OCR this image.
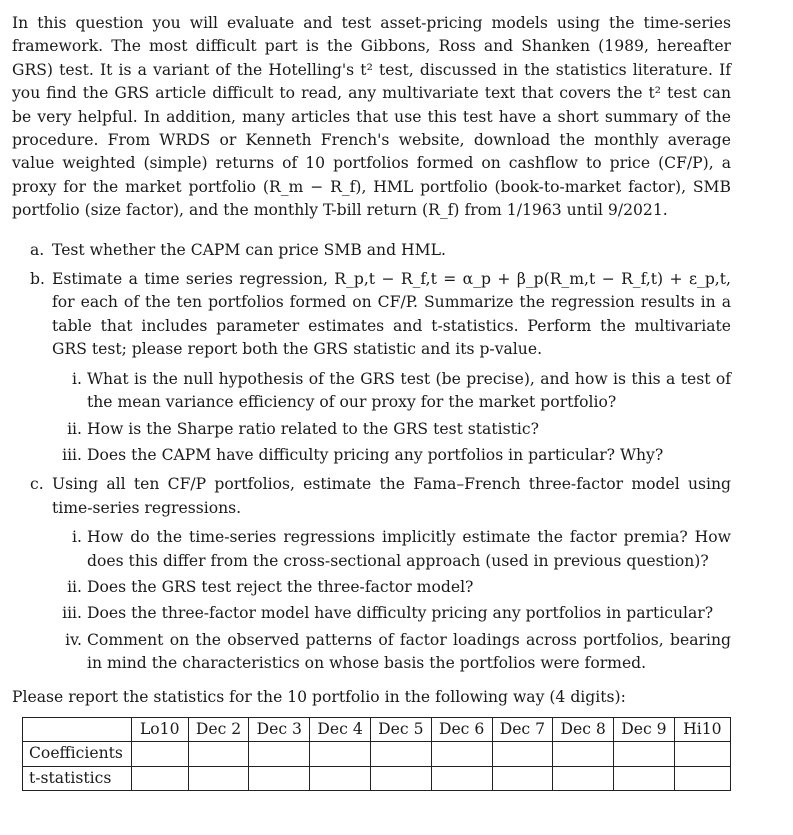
In this question you will evaluate and test asset-pricing models using the time-series framework. The most difficult part is the Gibbons, Ross and Shanken (1989, hereafter GRS) test. It is a variant of the Hotelling's t² test, discussed in the statistics literature. If you find the GRS article difficult to read, any multivariate text that covers the t² test can be very helpful. In addition, many articles that use this test have a short summary of the procedure. From WRDS or Kenneth French's website, download the monthly average value weighted (simple) returns of 10 portfolios formed on cashflow to price (CF/P), a proxy for the market portfolio (R_m − R_f), HML portfolio (book-to-market factor), SMB portfolio (size factor), and the monthly T-bill return (R_f) from 1/1963 until 9/2021.

a. Test whether the CAPM can price SMB and HML.
b. Estimate a time series regression, R_p,t − R_f,t = α_p + β_p(R_m,t − R_f,t) + ε_p,t, for each of the ten portfolios formed on CF/P. Summarize the regression results in a table that includes parameter estimates and t-statistics. Perform the multivariate GRS test; please report both the GRS statistic and its p-value.
i. What is the null hypothesis of the GRS test (be precise), and how is this a test of the mean variance efficiency of our proxy for the market portfolio?
ii. How is the Sharpe ratio related to the GRS test statistic?
iii. Does the CAPM have difficulty pricing any portfolios in particular? Why?
c. Using all ten CF/P portfolios, estimate the Fama–French three-factor model using time-series regressions.
i. How do the time-series regressions implicitly estimate the factor premia? How does this differ from the cross-sectional approach (used in previous question)?
ii. Does the GRS test reject the three-factor model?
iii. Does the three-factor model have difficulty pricing any portfolios in particular?
iv. Comment on the observed patterns of factor loadings across portfolios, bearing in mind the characteristics on whose basis the portfolios were formed.
Please report the statistics for the 10 portfolio in the following way (4 digits):
	Lo10	Dec 2	Dec 3	Dec 4	Dec 5	Dec 6	Dec 7	Dec 8	Dec 9	Hi10
Coefficients										
t-statistics										
